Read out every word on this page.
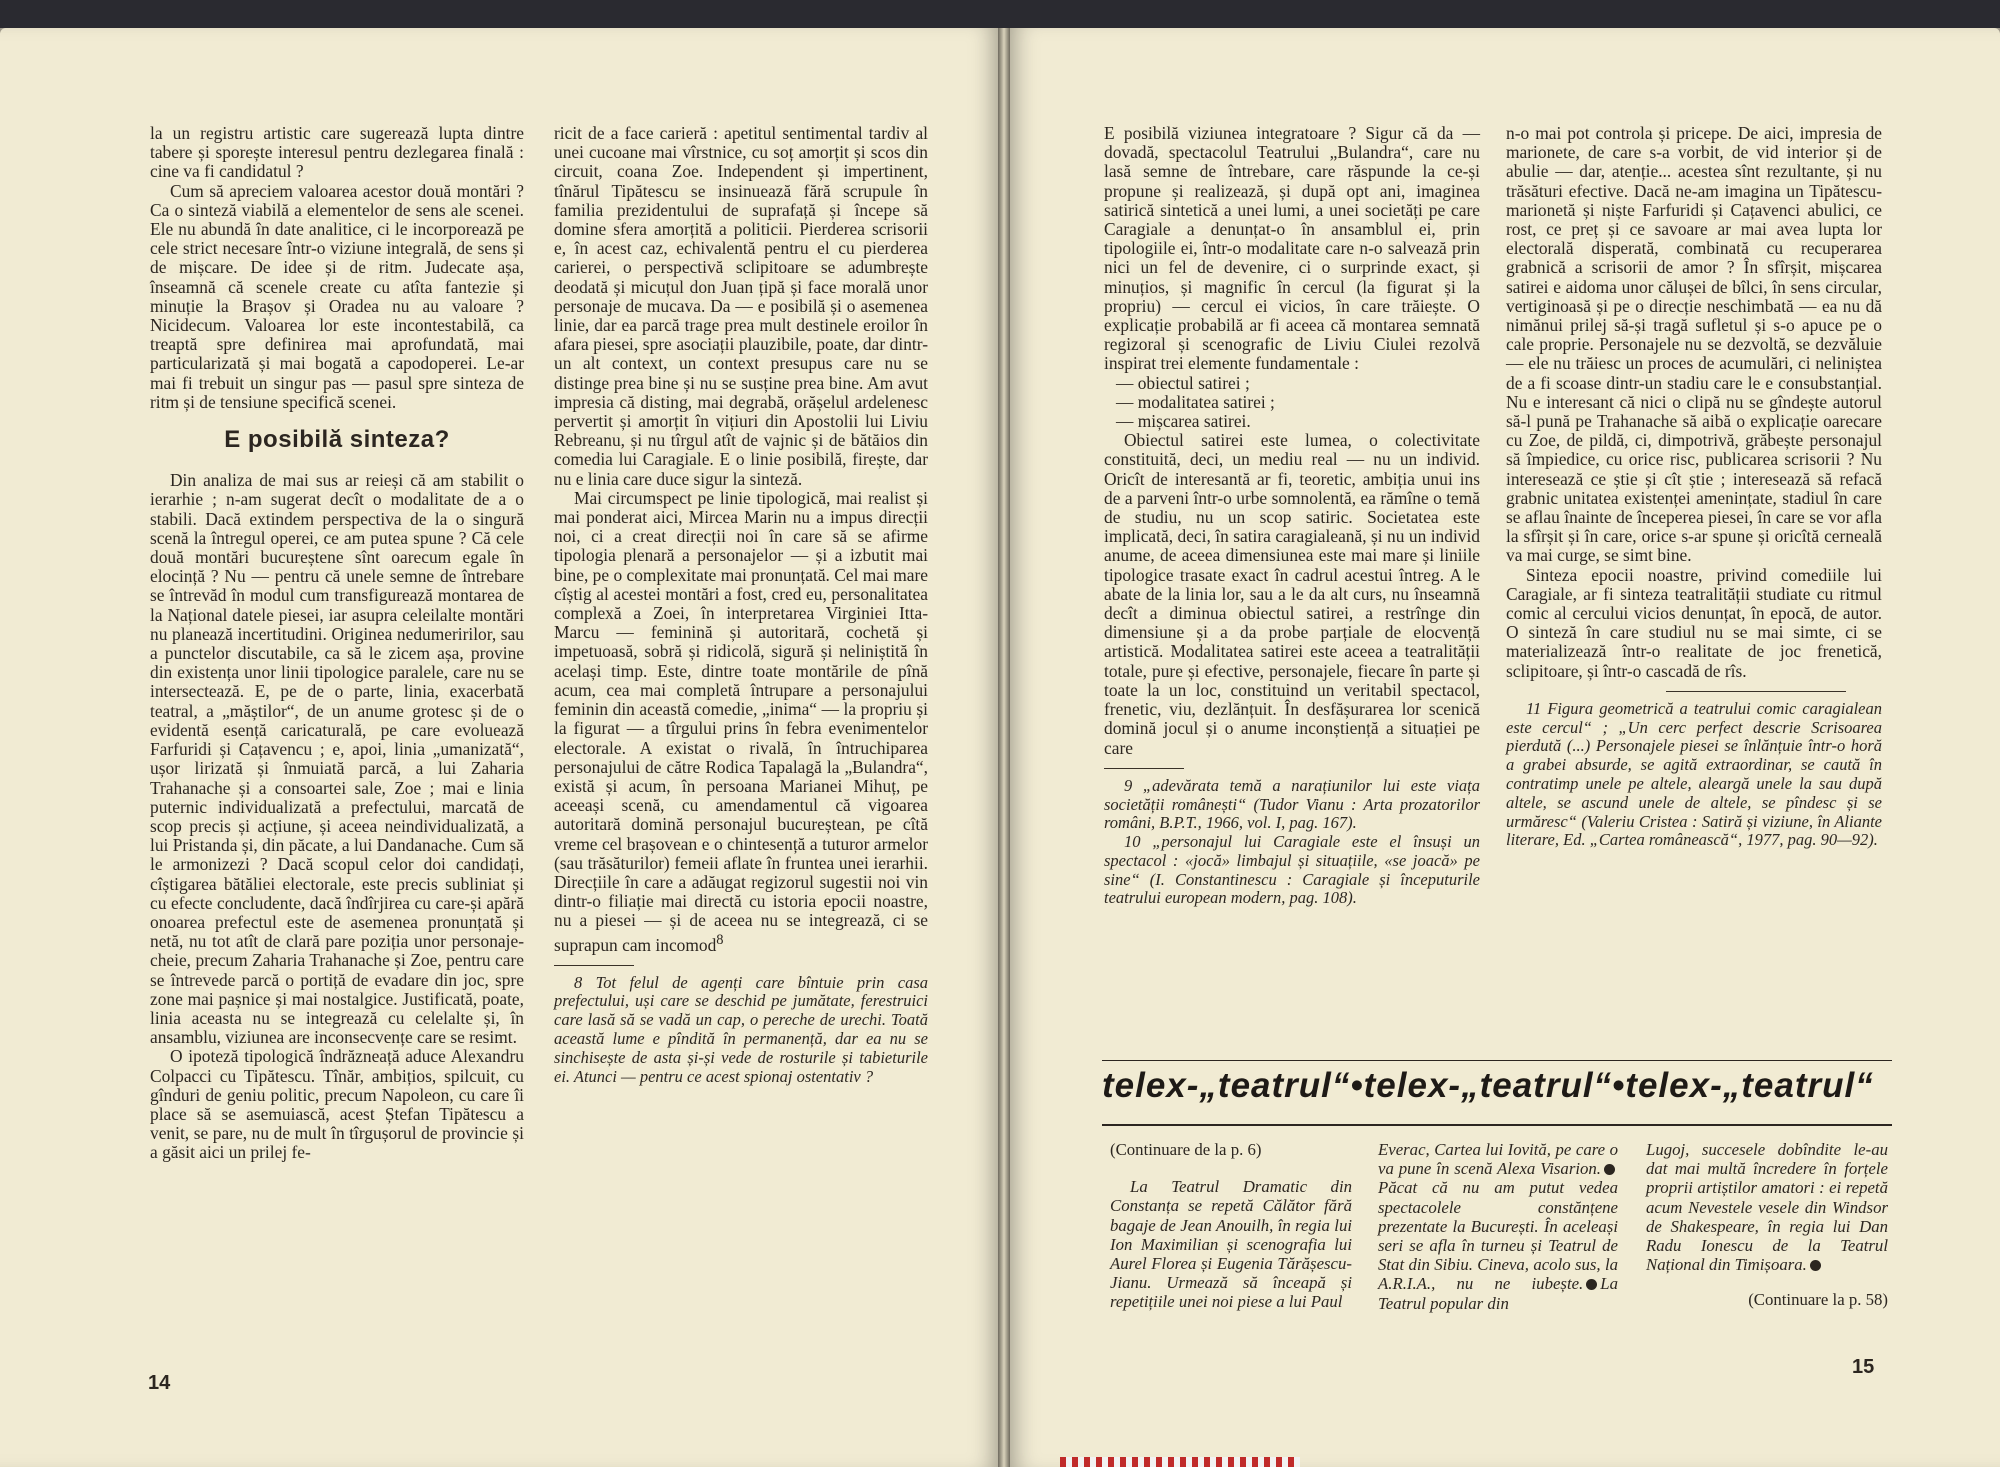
la un registru artistic care sugerează lupta dintre tabere și sporește interesul pentru dezlegarea finală : cine va fi candidatul ?

Cum să apreciem valoarea acestor două montări ? Ca o sinteză viabilă a elementelor de sens ale scenei. Ele nu abundă în date analitice, ci le incorporează pe cele strict necesare într-o viziune integrală, de sens și de mișcare. De idee și de ritm. Judecate așa, înseamnă că scenele create cu atîta fantezie și minuție la Brașov și Oradea nu au valoare ? Nicidecum. Valoarea lor este incontestabilă, ca treaptă spre definirea mai aprofundată, mai particularizată și mai bogată a capodoperei. Le-ar mai fi trebuit un singur pas — pasul spre sinteza de ritm și de tensiune specifică scenei.

E posibilă sinteza?

Din analiza de mai sus ar reieși că am stabilit o ierarhie ; n-am sugerat decît o modalitate de a o stabili. Dacă extindem perspectiva de la o singură scenă la întregul operei, ce am putea spune ? Că cele două montări bucureștene sînt oarecum egale în elocință ? Nu — pentru că unele semne de întrebare se întrevăd în modul cum transfigurează montarea de la Național datele piesei, iar asupra celeilalte montări nu planează incertitudini. Originea nedumeririlor, sau a punctelor discutabile, ca să le zicem așa, provine din existența unor linii tipologice paralele, care nu se intersectează. E, pe de o parte, linia, exacerbată teatral, a „măștilor“, de un anume grotesc și de o evidentă esență caricaturală, pe care evoluează Farfuridi și Cațavencu ; e, apoi, linia „umanizată“, ușor lirizată și înmuiată parcă, a lui Zaharia Trahanache și a consoartei sale, Zoe ; mai e linia puternic individualizată a prefectului, marcată de scop precis și acțiune, și aceea neindividualizată, a lui Pristanda și, din păcate, a lui Dandanache. Cum să le armonizezi ? Dacă scopul celor doi candidați, cîștigarea bătăliei electorale, este precis subliniat și cu efecte concludente, dacă îndîrjirea cu care-și apără onoarea prefectul este de asemenea pronunțată și netă, nu tot atît de clară pare poziția unor personaje-cheie, precum Zaharia Trahanache și Zoe, pentru care se întrevede parcă o portiță de evadare din joc, spre zone mai pașnice și mai nostalgice. Justificată, poate, linia aceasta nu se integrează cu celelalte și, în ansamblu, viziunea are inconsecvențe care se resimt.

O ipoteză tipologică îndrăzneață aduce Alexandru Colpacci cu Tipătescu. Tînăr, ambițios, spilcuit, cu gînduri de geniu politic, precum Napoleon, cu care îi place să se asemuiască, acest Ștefan Tipătescu a venit, se pare, nu de mult în tîrgușorul de provincie și a găsit aici un prilej fe-

ricit de a face carieră : apetitul sentimental tardiv al unei cucoane mai vîrstnice, cu soț amorțit și scos din circuit, coana Zoe. Independent și impertinent, tînărul Tipătescu se insinuează fără scrupule în familia prezidentului de suprafață și începe să domine sfera amorțită a politicii. Pierderea scrisorii e, în acest caz, echivalentă pentru el cu pierderea carierei, o perspectivă sclipitoare se adumbrește deodată și micuțul don Juan țipă și face morală unor personaje de mucava. Da — e posibilă și o asemenea linie, dar ea parcă trage prea mult destinele eroilor în afara piesei, spre asociații plauzibile, poate, dar dintr-un alt context, un context presupus care nu se distinge prea bine și nu se susține prea bine. Am avut impresia că disting, mai degrabă, orășelul ardelenesc pervertit și amorțit în vițiuri din Apostolii lui Liviu Rebreanu, și nu tîrgul atît de vajnic și de bătăios din comedia lui Caragiale. E o linie posibilă, firește, dar nu e linia care duce sigur la sinteză.

Mai circumspect pe linie tipologică, mai realist și mai ponderat aici, Mircea Marin nu a impus direcții noi, ci a creat direcții noi în care să se afirme tipologia plenară a personajelor — și a izbutit mai bine, pe o complexitate mai pronunțată. Cel mai mare cîștig al acestei montări a fost, cred eu, personalitatea complexă a Zoei, în interpretarea Virginiei Itta-Marcu — feminină și autoritară, cochetă și impetuoasă, sobră și ridicolă, sigură și neliniștită în același timp. Este, dintre toate montările de pînă acum, cea mai completă întrupare a personajului feminin din această comedie, „inima“ — la propriu și la figurat — a tîrgului prins în febra evenimentelor electorale. A existat o rivală, în întruchiparea personajului de către Rodica Tapalagă la „Bulandra“, există și acum, în persoana Marianei Mihuț, pe aceeași scenă, cu amendamentul că vigoarea autoritară domină personajul bucureștean, pe cîtă vreme cel brașovean e o chintesență a tuturor armelor (sau trăsăturilor) femeii aflate în fruntea unei ierarhii. Direcțiile în care a adăugat regizorul sugestii noi vin dintr-o filiație mai directă cu istoria epocii noastre, nu a piesei — și de aceea nu se integrează, ci se suprapun cam incomod$^8$

8 Tot felul de agenți care bîntuie prin casa prefectului, uși care se deschid pe jumătate, ferestruici care lasă să se vadă un cap, o pereche de urechi. Toată această lume e pîndită în permanență, dar ea nu se sinchisește de asta și-și vede de rosturile și tabieturile ei. Atunci — pentru ce acest spionaj ostentativ ?

14

E posibilă viziunea integratoare ? Sigur că da — dovadă, spectacolul Teatrului „Bulandra“, care nu lasă semne de întrebare, care răspunde la ce-și propune și realizează, și după opt ani, imaginea satirică sintetică a unei lumi, a unei societăți pe care Caragiale a denunțat-o în ansamblul ei, prin tipologiile ei, într-o modalitate care n-o salvează prin nici un fel de devenire, ci o surprinde exact, și minuțios, și magnific în cercul (la figurat și la propriu) — cercul ei vicios, în care trăiește. O explicație probabilă ar fi aceea că montarea semnată regizoral și scenografic de Liviu Ciulei rezolvă inspirat trei elemente fundamentale :

— obiectul satirei ;

— modalitatea satirei ;

— mișcarea satirei.

Obiectul satirei este lumea, o colectivitate constituită, deci, un mediu real — nu un individ. Oricît de interesantă ar fi, teoretic, ambiția unui ins de a parveni într-o urbe somnolentă, ea rămîne o temă de studiu, nu un scop satiric. Societatea este implicată, deci, în satira caragialeană, și nu un individ anume, de aceea dimensiunea este mai mare și liniile tipologice trasate exact în cadrul acestui întreg. A le abate de la linia lor, sau a le da alt curs, nu înseamnă decît a diminua obiectul satirei, a restrînge din dimensiune și a da probe parțiale de elocvență artistică. Modalitatea satirei este aceea a teatralității totale, pure și efective, personajele, fiecare în parte și toate la un loc, constituind un veritabil spectacol, frenetic, viu, dezlănțuit. În desfășurarea lor scenică domină jocul și o anume inconștiență a situației pe care

9 „adevărata temă a narațiunilor lui este viața societății românești“ (Tudor Vianu : Arta prozatorilor români, B.P.T., 1966, vol. I, pag. 167).

10 „personajul lui Caragiale este el însuși un spectacol : «jocă» limbajul și situațiile, «se joacă» pe sine“ (I. Constantinescu : Caragiale și începuturile teatrului european modern, pag. 108).

n-o mai pot controla și pricepe. De aici, impresia de marionete, de care s-a vorbit, de vid interior și de abulie — dar, atenție... acestea sînt rezultante, și nu trăsături efective. Dacă ne-am imagina un Tipătescu-marionetă și niște Farfuridi și Cațavenci abulici, ce rost, ce preț și ce savoare ar mai avea lupta lor electorală disperată, combinată cu recuperarea grabnică a scrisorii de amor ? În sfîrșit, mișcarea satirei e aidoma unor călușei de bîlci, în sens circular, vertiginoasă și pe o direcție neschimbată — ea nu dă nimănui prilej să-și tragă sufletul și s-o apuce pe o cale proprie. Personajele nu se dezvoltă, se dezvăluie — ele nu trăiesc un proces de acumulări, ci neliniștea de a fi scoase dintr-un stadiu care le e consubstanțial. Nu e interesant că nici o clipă nu se gîndește autorul să-l pună pe Trahanache să aibă o explicație oarecare cu Zoe, de pildă, ci, dimpotrivă, grăbește personajul să împiedice, cu orice risc, publicarea scrisorii ? Nu interesează ce știe și cît știe ; interesează să refacă grabnic unitatea existenței amenințate, stadiul în care se aflau înainte de începerea piesei, în care se vor afla la sfîrșit și în care, orice s-ar spune și oricîtă cerneală va mai curge, se simt bine.

Sinteza epocii noastre, privind comediile lui Caragiale, ar fi sinteza teatralității studiate cu ritmul comic al cercului vicios denunțat, în epocă, de autor. O sinteză în care studiul nu se mai simte, ci se materializează într-o realitate de joc frenetică, sclipitoare, și într-o cascadă de rîs.

11 Figura geometrică a teatrului comic caragialean este cercul“ ; „Un cerc perfect descrie Scrisoarea pierdută (...) Personajele piesei se înlănțuie într-o horă a grabei absurde, se agită extraordinar, se caută în contratimp unele pe altele, aleargă unele la sau după altele, se ascund unele de altele, se pîndesc și se urmăresc“ (Valeriu Cristea : Satiră și viziune, în Aliante literare, Ed. „Cartea românească“, 1977, pag. 90—92).

telex-„teatrul“•telex-„teatrul“•telex-„teatrul“

(Continuare de la p. 6)

La Teatrul Dramatic din Constanța se repetă Călător fără bagaje de Jean Anouilh, în regia lui Ion Maximilian și scenografia lui Aurel Florea și Eugenia Tărășescu-Jianu. Urmează să înceapă și repetițiile unei noi piese a lui Paul

Everac, Cartea lui Iovită, pe care o va pune în scenă Alexa Visarion.Păcat că nu am putut vedea spectacolele constănțene prezentate la București. În aceleași seri se afla în turneu și Teatrul de Stat din Sibiu. Cineva, acolo sus, la A.R.I.A., nu ne iubește. La Teatrul popular din

Lugoj, succesele dobîndite le-au dat mai multă încredere în forțele proprii artiștilor amatori : ei repetă acum Nevestele vesele din Windsor de Shakespeare, în regia lui Dan Radu Ionescu de la Teatrul Național din Timișoara.

(Continuare la p. 58)

15
